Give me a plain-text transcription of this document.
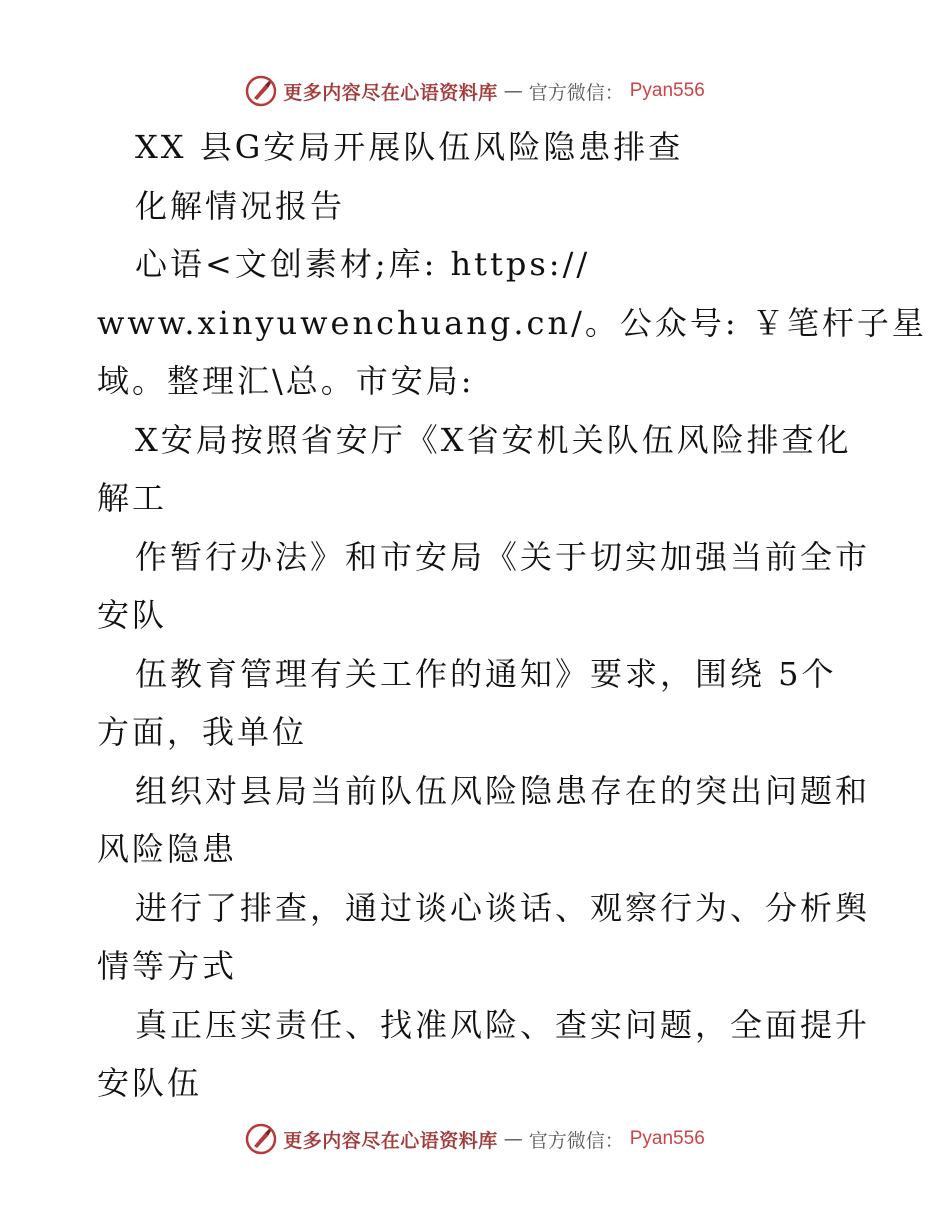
更多内容尽在心语资料库 — 官方微信： Pyan556
XX 县G安局开展队伍风险隐患排查
化解情况报告
心语<文创素材;库: https://
www.xinyuwenchuang.cn/。公众号: ￥笔杆子星
域。整理汇\总。市安局:
X安局按照省安厅《X省安机关队伍风险排查化
解工
作暂行办法》和市安局《关于切实加强当前全市
安队
伍教育管理有关工作的通知》要求，围绕 5个
方面，我单位
组织对县局当前队伍风险隐患存在的突出问题和
风险隐患
进行了排查，通过谈心谈话、观察行为、分析舆
情等方式
真正压实责任、找准风险、查实问题，全面提升
安队伍
更多内容尽在心语资料库 — 官方微信： Pyan556
